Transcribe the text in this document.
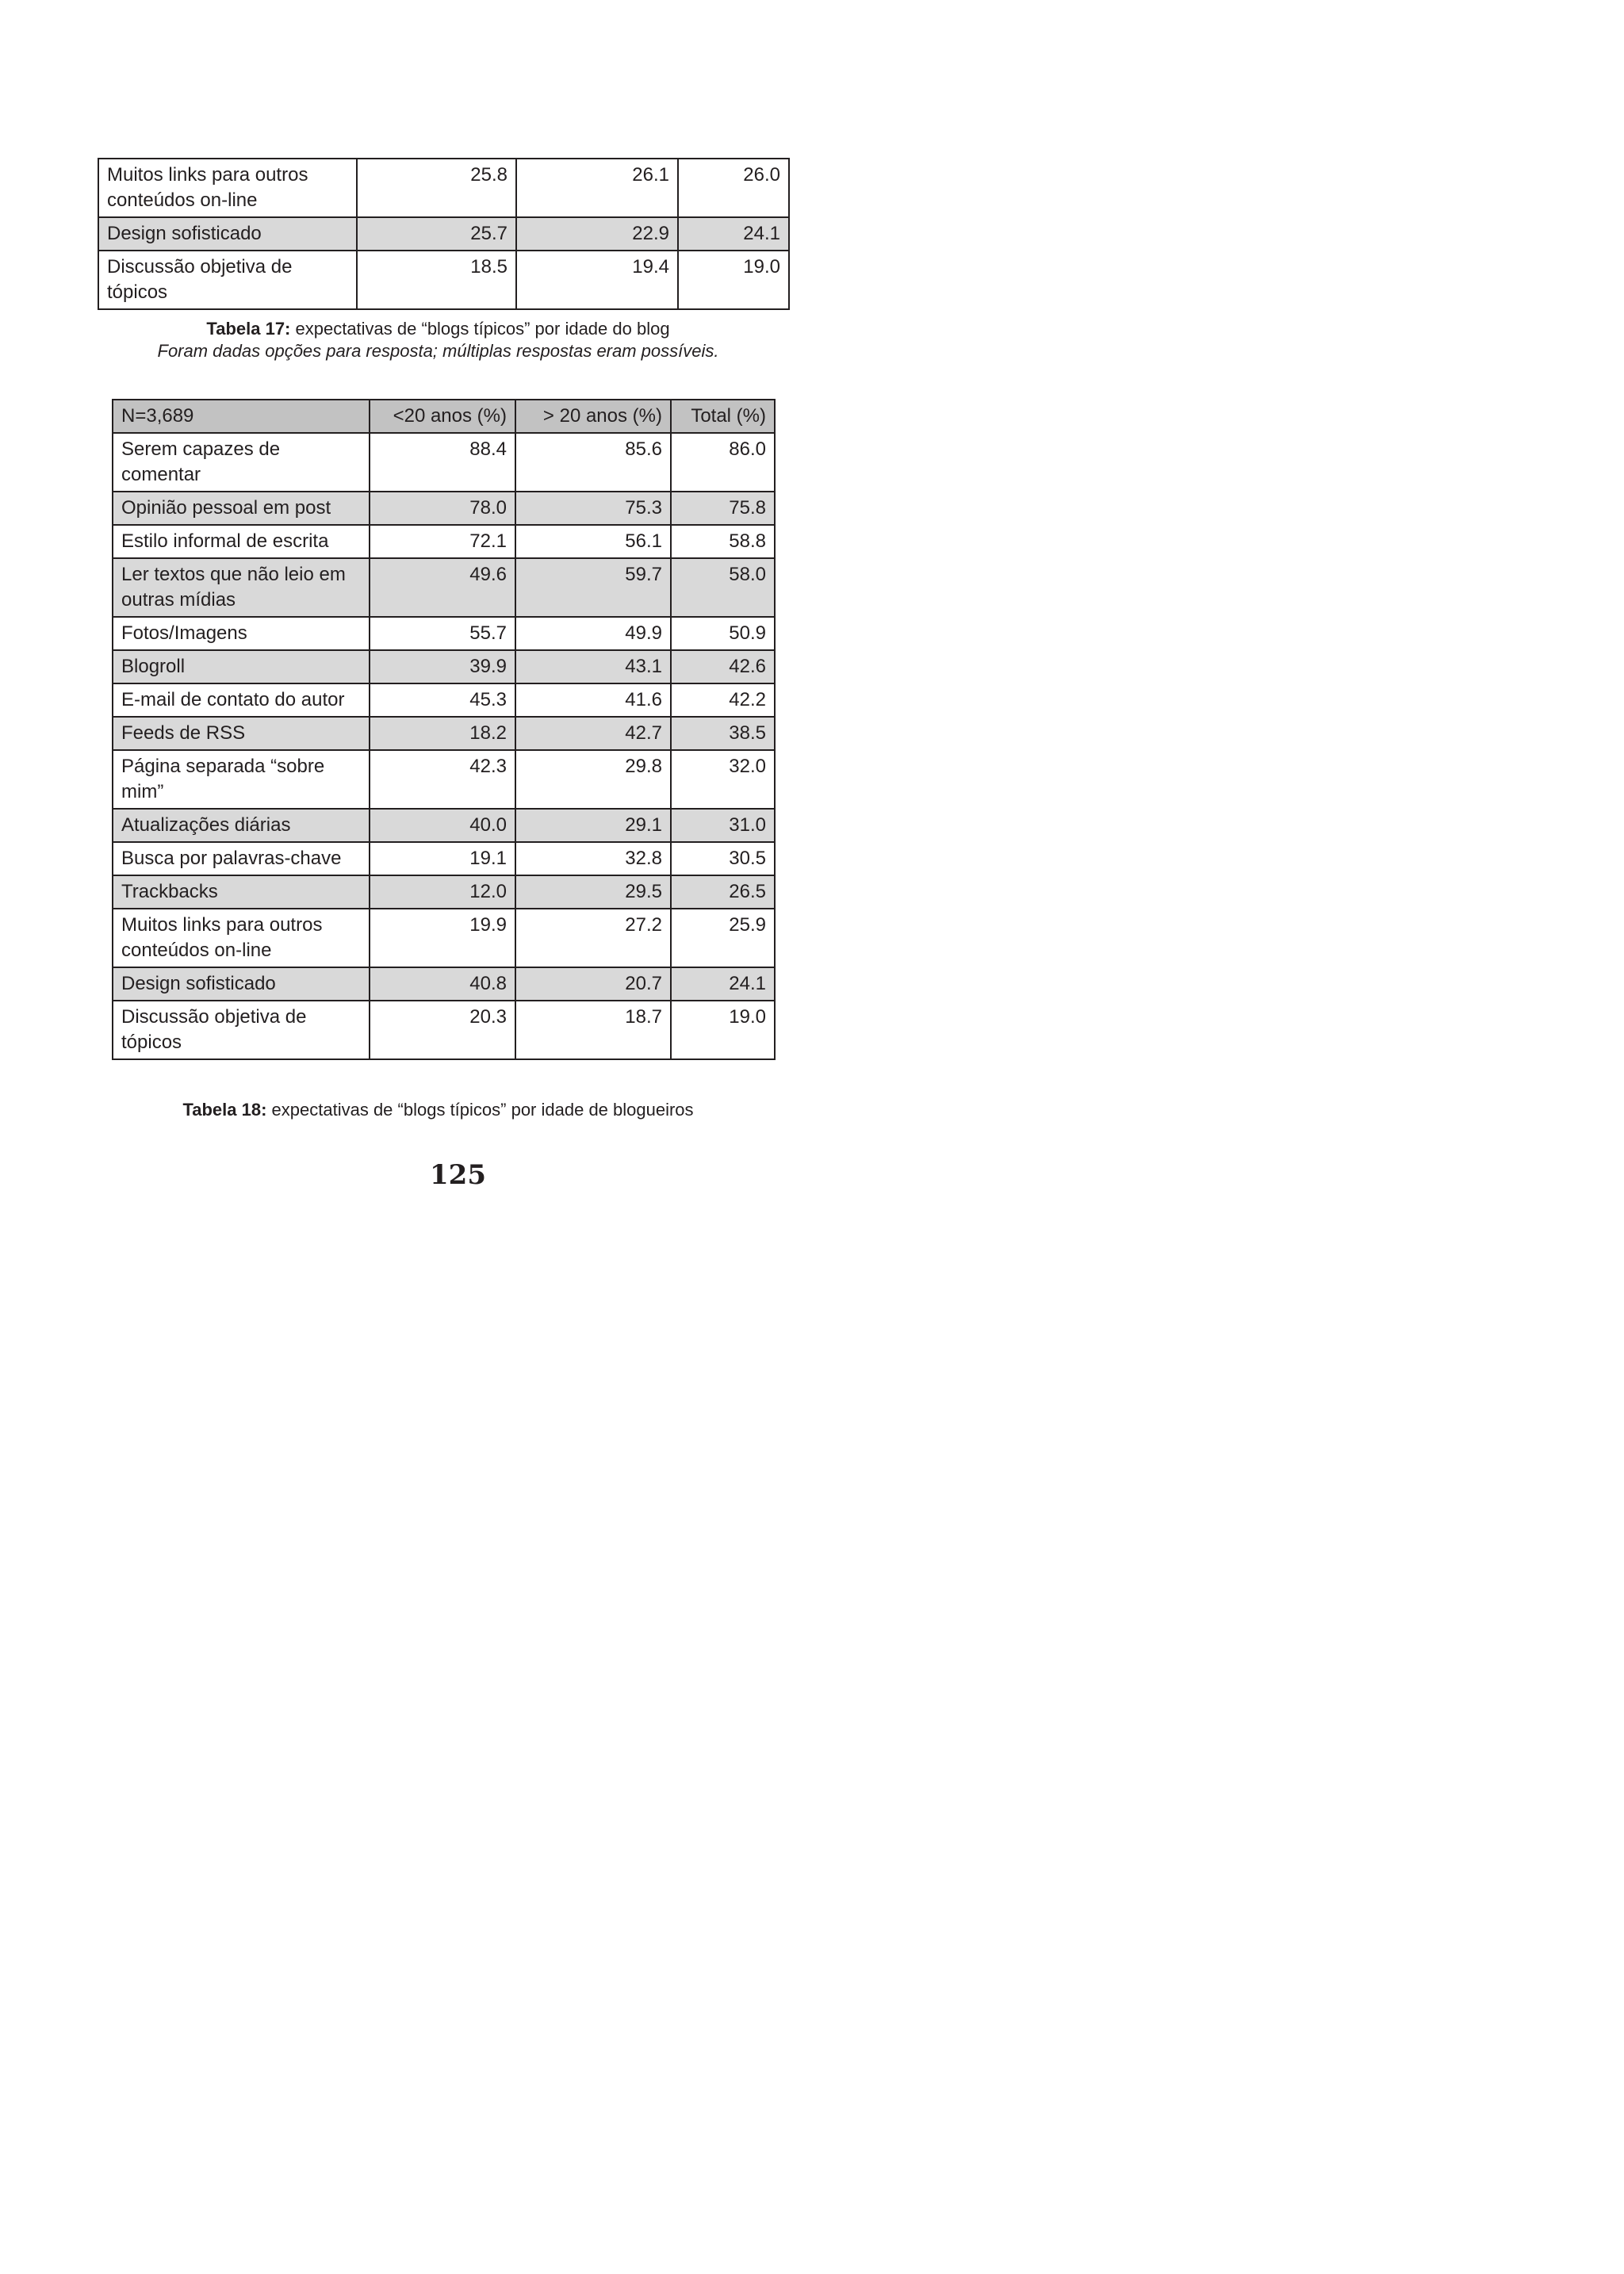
Muitos links para outros conteúdos on-line	25.8	26.1	26.0
Design sofisticado	25.7	22.9	24.1
Discussão objetiva de tópicos	18.5	19.4	19.0
Tabela 17: expectativas de “blogs típicos” por idade do blog
Foram dadas opções para resposta; múltiplas respostas eram possíveis.
N=3,689	<20 anos (%)	> 20 anos (%)	Total (%)
Serem capazes de comentar	88.4	85.6	86.0
Opinião pessoal em post	78.0	75.3	75.8
Estilo informal de escrita	72.1	56.1	58.8
Ler textos que não leio em outras mídias	49.6	59.7	58.0
Fotos/Imagens	55.7	49.9	50.9
Blogroll	39.9	43.1	42.6
E-mail de contato do autor	45.3	41.6	42.2
Feeds de RSS	18.2	42.7	38.5
Página separada “sobre mim”	42.3	29.8	32.0
Atualizações diárias	40.0	29.1	31.0
Busca por palavras-chave	19.1	32.8	30.5
Trackbacks	12.0	29.5	26.5
Muitos links para outros conteúdos on-line	19.9	27.2	25.9
Design sofisticado	40.8	20.7	24.1
Discussão objetiva de tópicos	20.3	18.7	19.0
Tabela 18: expectativas de “blogs típicos” por idade de blogueiros
125
